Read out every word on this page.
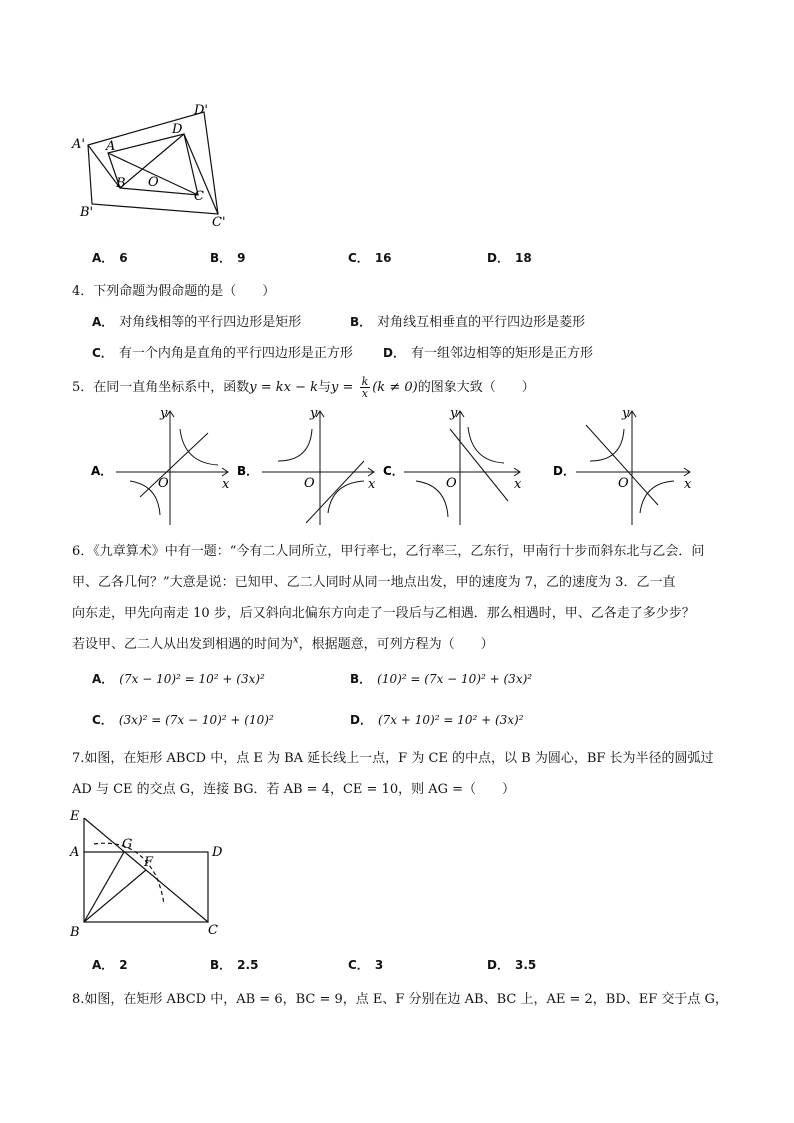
A' A
D
D'
B O
C
B'
C'
A． 6	B． 9	C． 16	D． 18
4．下列命题为假命题的是（　　）
A． 对角线相等的平行四边形是矩形	B． 对角线互相垂直的平行四边形是菱形
C． 有一个内角是直角的平行四边形是正方形	D． 有一组邻边相等的矩形是正方形
5．在同一直角坐标系中，函数y = kx − k与$y = \frac{k}{x} (k \ne 0)$的图象大致（　　）
A．
x
y
O
B．
x
y
O
C．
x
y
O
D．
x
y
O
6．《九章算术》中有一题：“今有二人同所立，甲行率七，乙行率三，乙东行，甲南行十步而斜东北与乙会．问
甲、乙各几何？”大意是说：已知甲、乙二人同时从同一地点出发，甲的速度为 7，乙的速度为 3．乙一直
向东走，甲先向南走 10 步，后又斜向北偏东方向走了一段后与乙相遇．那么相遇时，甲、乙各走了多少步？
若设甲、乙二人从出发到相遇的时间为$^x$，根据题意，可列方程为（　　）
A． (7x − 10)² = 10² + (3x)²	B． (10)² = (7x − 10)² + (3x)²
C． (3x)² = (7x − 10)² + (10)²	D． (7x + 10)² = 10² + (3x)²
7.如图，在矩形 ABCD 中，点 E 为 BA 延长线上一点，F 为 CE 的中点，以 B 为圆心，BF 长为半径的圆弧过
AD 与 CE 的交点 G，连接 BG．若 AB = 4，CE = 10，则 AG =（　　）
E
A
G
F
D
B	C
A． 2	B． 2.5	C． 3	D． 3.5
8.如图，在矩形 ABCD 中，AB = 6，BC = 9，点 E、F 分别在边 AB、BC 上，AE = 2，BD、EF 交于点 G，
